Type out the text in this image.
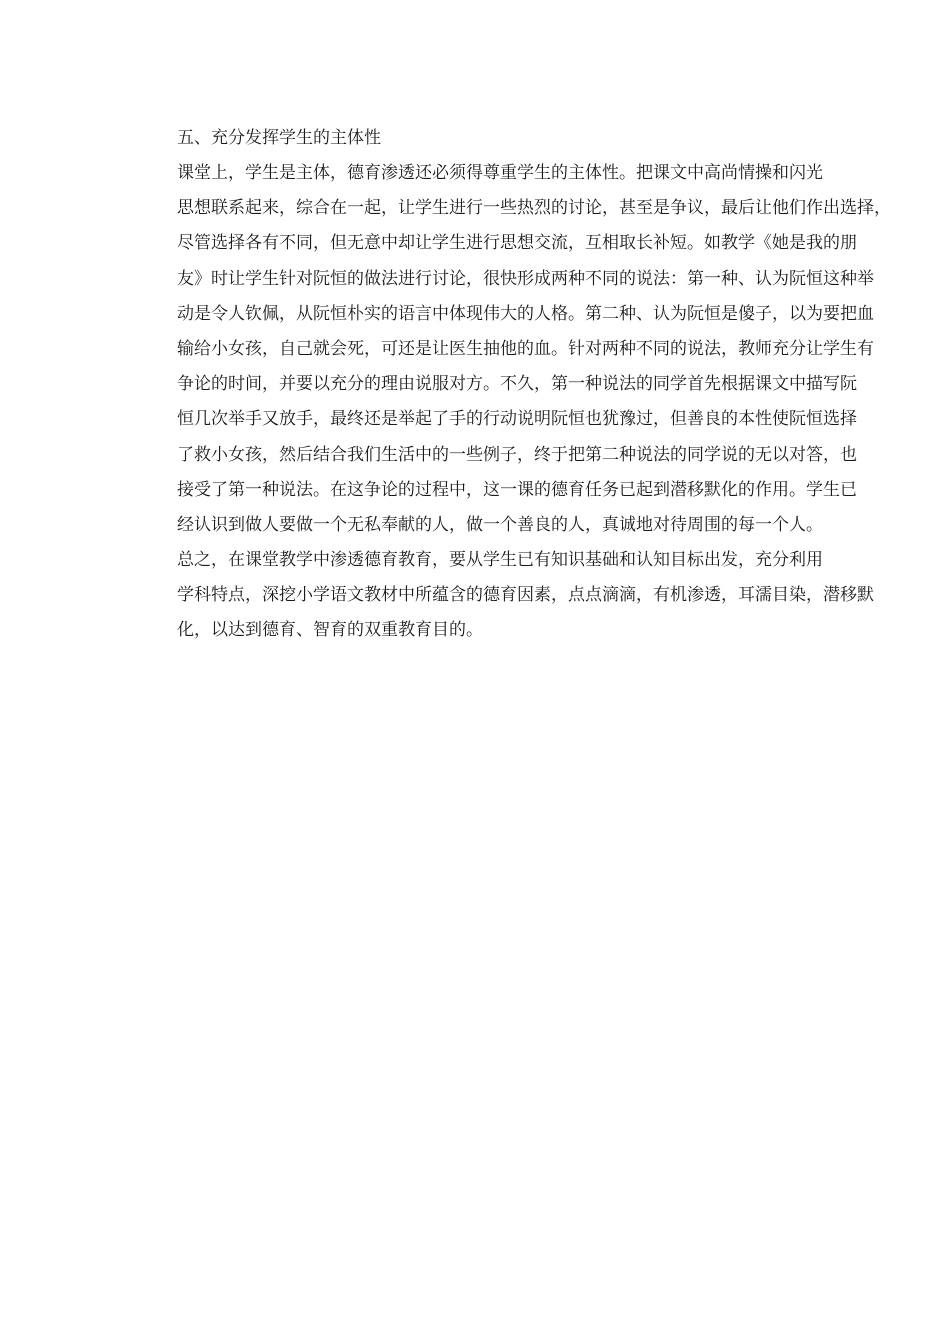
五、充分发挥学生的主体性
课堂上，学生是主体，德育渗透还必须得尊重学生的主体性。把课文中高尚情操和闪光
思想联系起来，综合在一起，让学生进行一些热烈的讨论，甚至是争议，最后让他们作出选择，
尽管选择各有不同，但无意中却让学生进行思想交流，互相取长补短。如教学《她是我的朋
友》时让学生针对阮恒的做法进行讨论，很快形成两种不同的说法：第一种、认为阮恒这种举
动是令人钦佩，从阮恒朴实的语言中体现伟大的人格。第二种、认为阮恒是傻子，以为要把血
输给小女孩，自己就会死，可还是让医生抽他的血。针对两种不同的说法，教师充分让学生有
争论的时间，并要以充分的理由说服对方。不久，第一种说法的同学首先根据课文中描写阮
恒几次举手又放手，最终还是举起了手的行动说明阮恒也犹豫过，但善良的本性使阮恒选择
了救小女孩，然后结合我们生活中的一些例子，终于把第二种说法的同学说的无以对答，也
接受了第一种说法。在这争论的过程中，这一课的德育任务已起到潜移默化的作用。学生已
经认识到做人要做一个无私奉献的人，做一个善良的人，真诚地对待周围的每一个人。
总之，在课堂教学中渗透德育教育，要从学生已有知识基础和认知目标出发，充分利用
学科特点，深挖小学语文教材中所蕴含的德育因素，点点滴滴，有机渗透，耳濡目染，潜移默
化，以达到德育、智育的双重教育目的。
